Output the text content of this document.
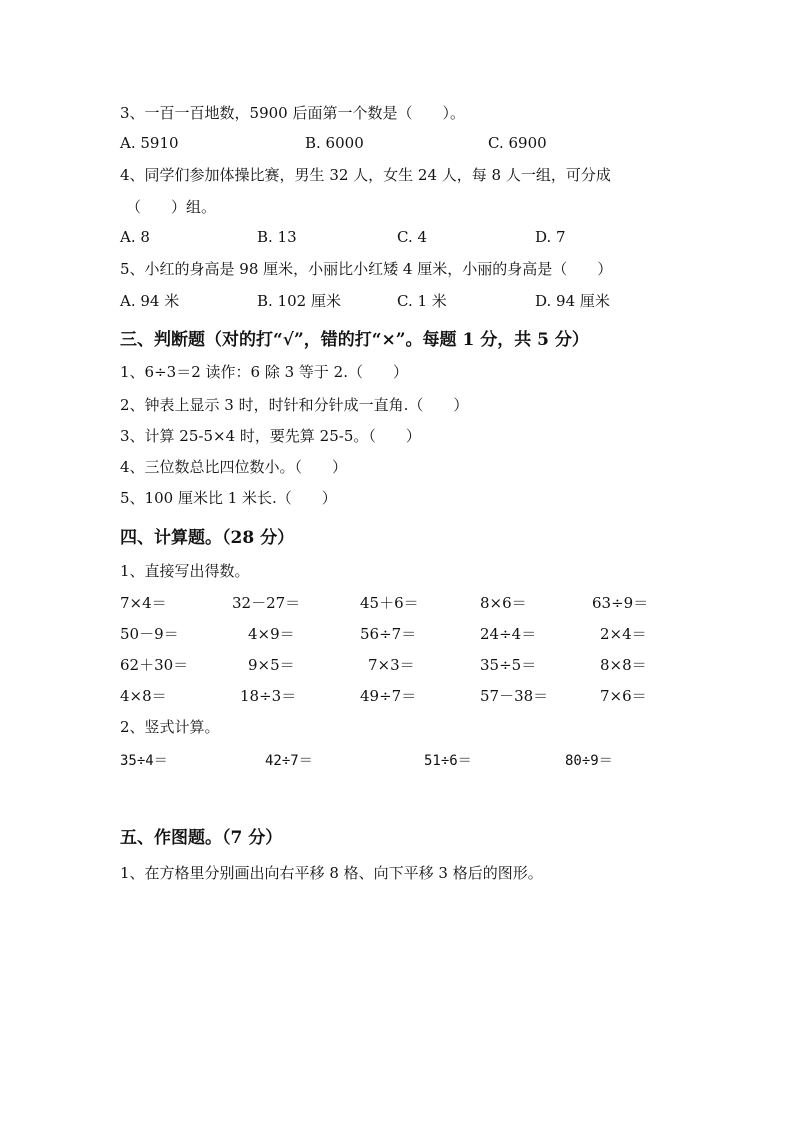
3、一百一百地数，5900 后面第一个数是（　　）。
A. 5910	B. 6000	C. 6900
4、同学们参加体操比赛，男生 32 人，女生 24 人，每 8 人一组，可分成
（　　）组。
A. 8	B. 13	C. 4	D. 7
5、小红的身高是 98 厘米，小丽比小红矮 4 厘米，小丽的身高是（　　）
A. 94 米	B. 102 厘米	C. 1 米	D. 94 厘米
三、判断题（对的打“√”，错的打“×”。每题 1 分，共 5 分）
1、6÷3＝2 读作：6 除 3 等于 2.（　　）
2、钟表上显示 3 时，时针和分针成一直角.（　　）
3、计算 25-5×4 时，要先算 25-5。（　　）
4、三位数总比四位数小。（　　）
5、100 厘米比 1 米长.（　　）
四、计算题。（28 分）
1、直接写出得数。
7×4＝	32－27＝	45＋6＝	8×6＝	63÷9＝
50－9＝	4×9＝	56÷7＝	24÷4＝	2×4＝
62＋30＝	9×5＝	7×3＝	35÷5＝	8×8＝
4×8＝	18÷3＝	49÷7＝	57－38＝	7×6＝
2、竖式计算。
35÷4＝	42÷7＝	51÷6＝	80÷9＝
五、作图题。（7 分）
1、在方格里分别画出向右平移 8 格、向下平移 3 格后的图形。
